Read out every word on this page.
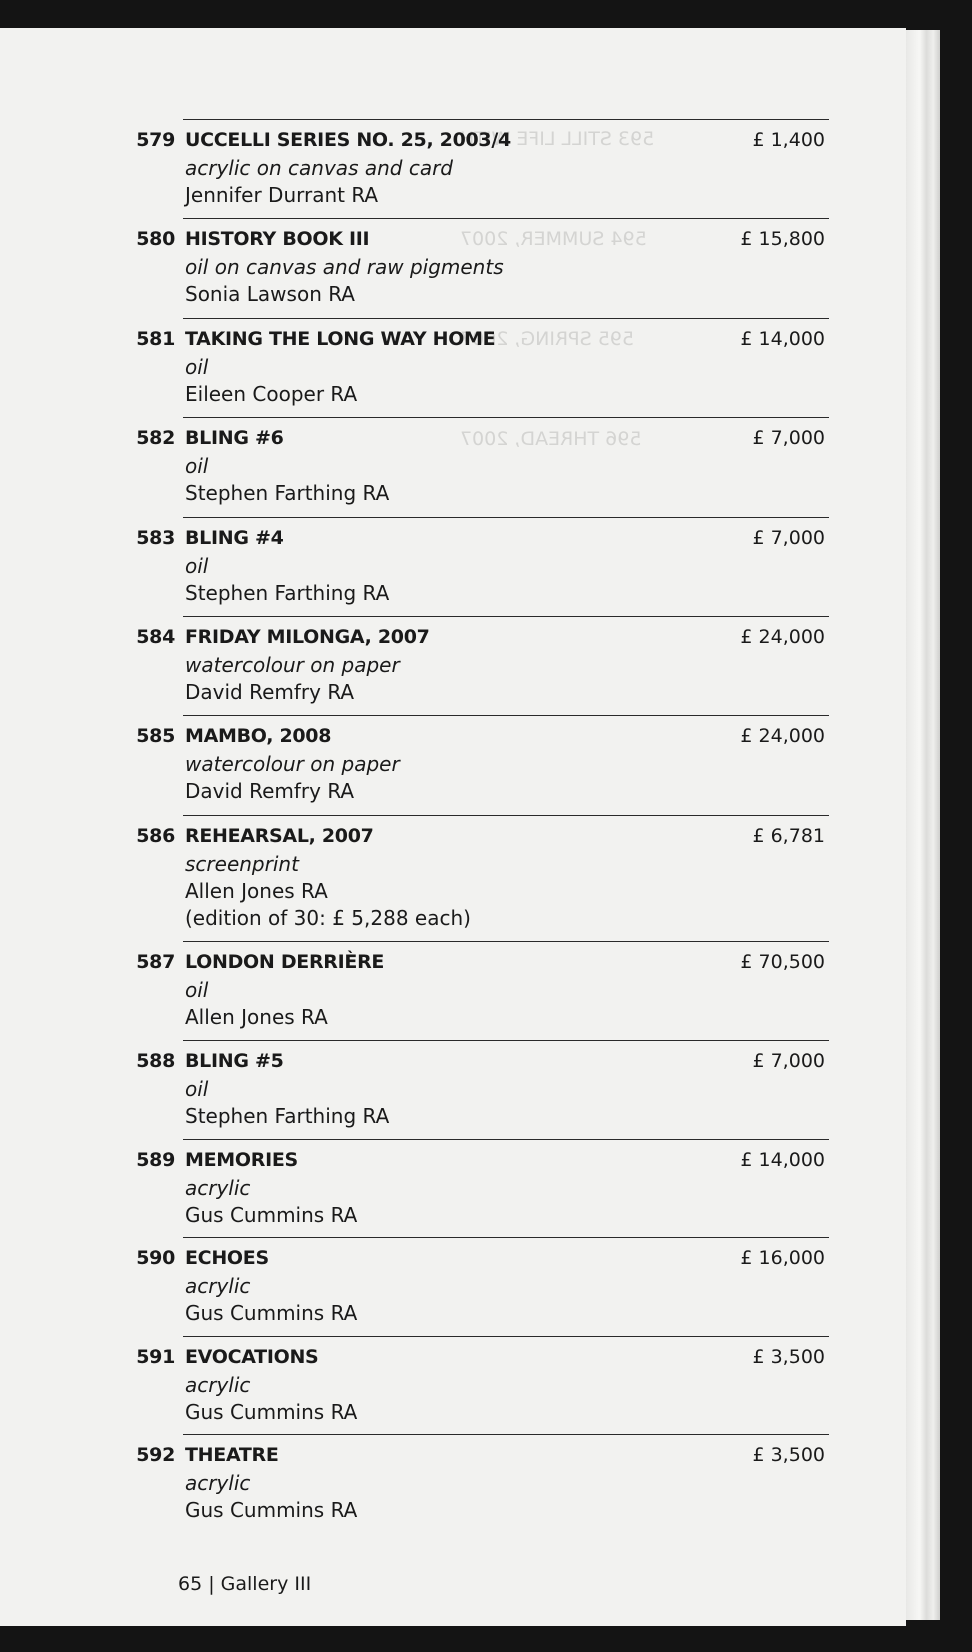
593 STILL LIFE WITH
594 SUMMER, 2007
595 SPRING, 2007
596 THREAD, 2007
579 UCCELLI SERIES NO. 25, 2003/4	£ 1,400
acrylic on canvas and card
Jennifer Durrant RA
580 HISTORY BOOK III	£ 15,800
oil on canvas and raw pigments
Sonia Lawson RA
581 TAKING THE LONG WAY HOME	£ 14,000
oil
Eileen Cooper RA
582 BLING #6	£ 7,000
oil
Stephen Farthing RA
583 BLING #4	£ 7,000
oil
Stephen Farthing RA
584 FRIDAY MILONGA, 2007	£ 24,000
watercolour on paper
David Remfry RA
585 MAMBO, 2008	£ 24,000
watercolour on paper
David Remfry RA
586 REHEARSAL, 2007	£ 6,781
screenprint
Allen Jones RA
(edition of 30: £ 5,288 each)
587 LONDON DERRIÈRE	£ 70,500
oil
Allen Jones RA
588 BLING #5	£ 7,000
oil
Stephen Farthing RA
589 MEMORIES	£ 14,000
acrylic
Gus Cummins RA
590 ECHOES	£ 16,000
acrylic
Gus Cummins RA
591 EVOCATIONS	£ 3,500
acrylic
Gus Cummins RA
592 THEATRE	£ 3,500
acrylic
Gus Cummins RA
65 | Gallery III
